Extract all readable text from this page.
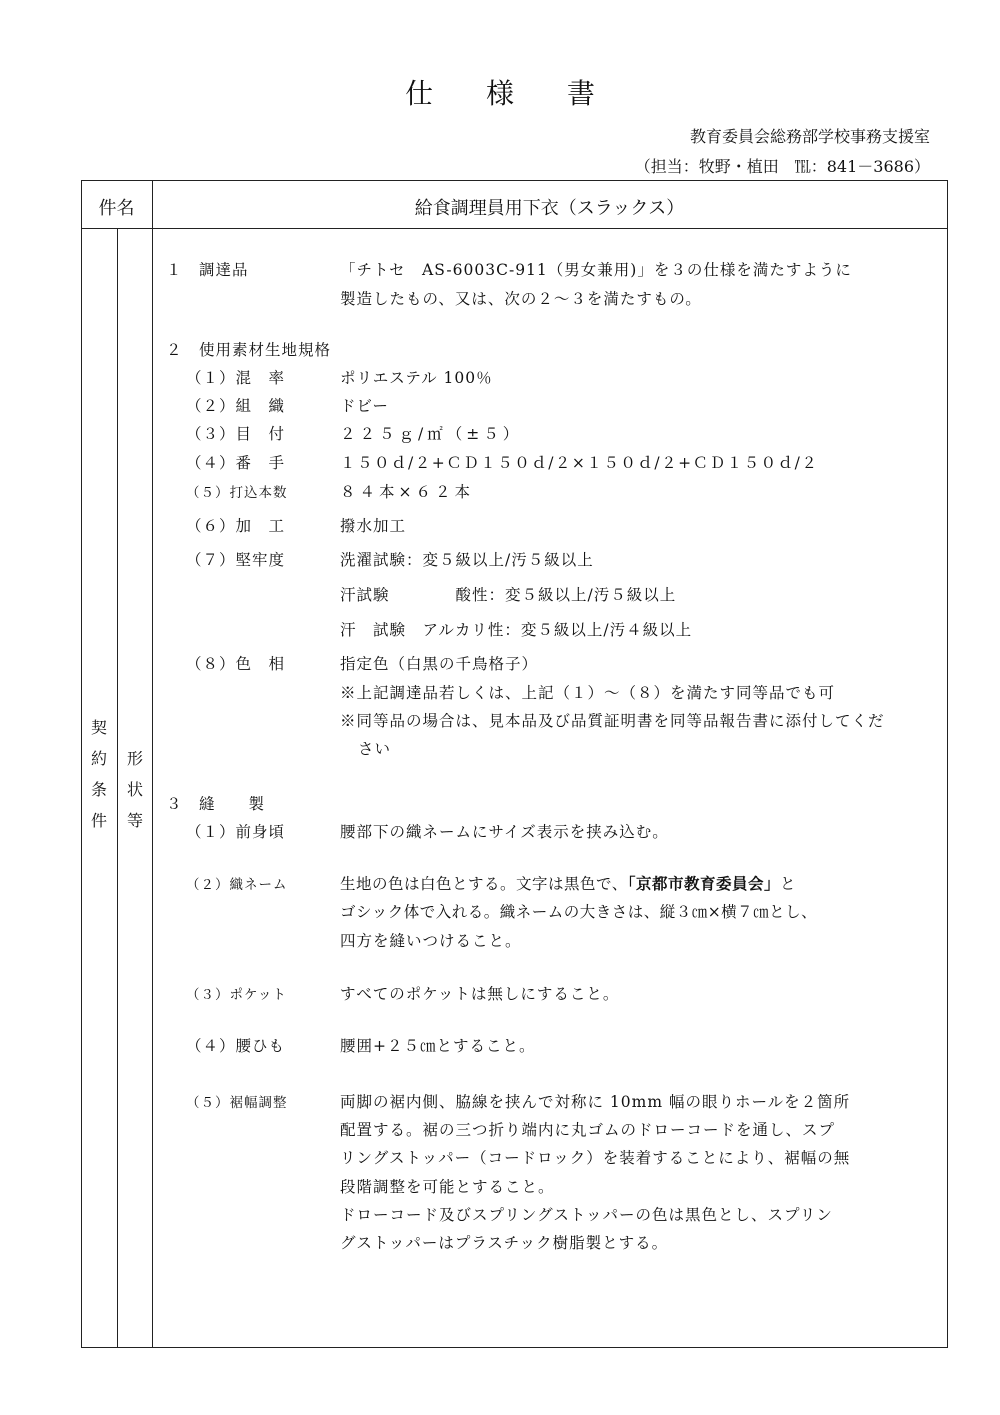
仕 様 書
教育委員会総務部学校事務支援室
（担当：牧野・植田　℡：841－3686）
件名	給食調理員用下衣（スラックス）
契約条件
形状等
１　調達品	「チトセ　AS-6003C-911（男女兼用)」を３の仕様を満たすように
製造したもの、又は、次の２～３を満たすもの。
２　使用素材生地規格
（１）混　率	ポリエステル 100％
（２）組　織	ドビー
（３）目　付	２２５ｇ/㎡（±５）
（４）番　手	１５０ｄ/２+ＣＤ１５０ｄ/２×１５０ｄ/２+ＣＤ１５０ｄ/２
（５）打込本数	８４本×６２本
（６）加　工	撥水加工
（７）堅牢度	洗濯試験：変５級以上/汚５級以上
汗試験　　　　酸性：変５級以上/汚５級以上
汗　試験　アルカリ性：変５級以上/汚４級以上
（８）色　相	指定色（白黒の千鳥格子）
※上記調達品若しくは、上記（１）～（８）を満たす同等品でも可
※同等品の場合は、見本品及び品質証明書を同等品報告書に添付してくだ
さい
３　縫　　製
（１）前身頃	腰部下の織ネームにサイズ表示を挟み込む。
（２）織ネーム	生地の色は白色とする。文字は黒色で、「京都市教育委員会」と
ゴシック体で入れる。織ネームの大きさは、縦３㎝×横７㎝とし、
四方を縫いつけること。
（３）ポケット	すべてのポケットは無しにすること。
（４）腰ひも	腰囲+２５㎝とすること。
（５）裾幅調整	両脚の裾内側、脇線を挟んで対称に 10mm 幅の眼りホールを２箇所
配置する。裾の三つ折り端内に丸ゴムのドローコードを通し、スプ
リングストッパー（コードロック）を装着することにより、裾幅の無
段階調整を可能とすること。
ドローコード及びスプリングストッパーの色は黒色とし、スプリン
グストッパーはプラスチック樹脂製とする。
